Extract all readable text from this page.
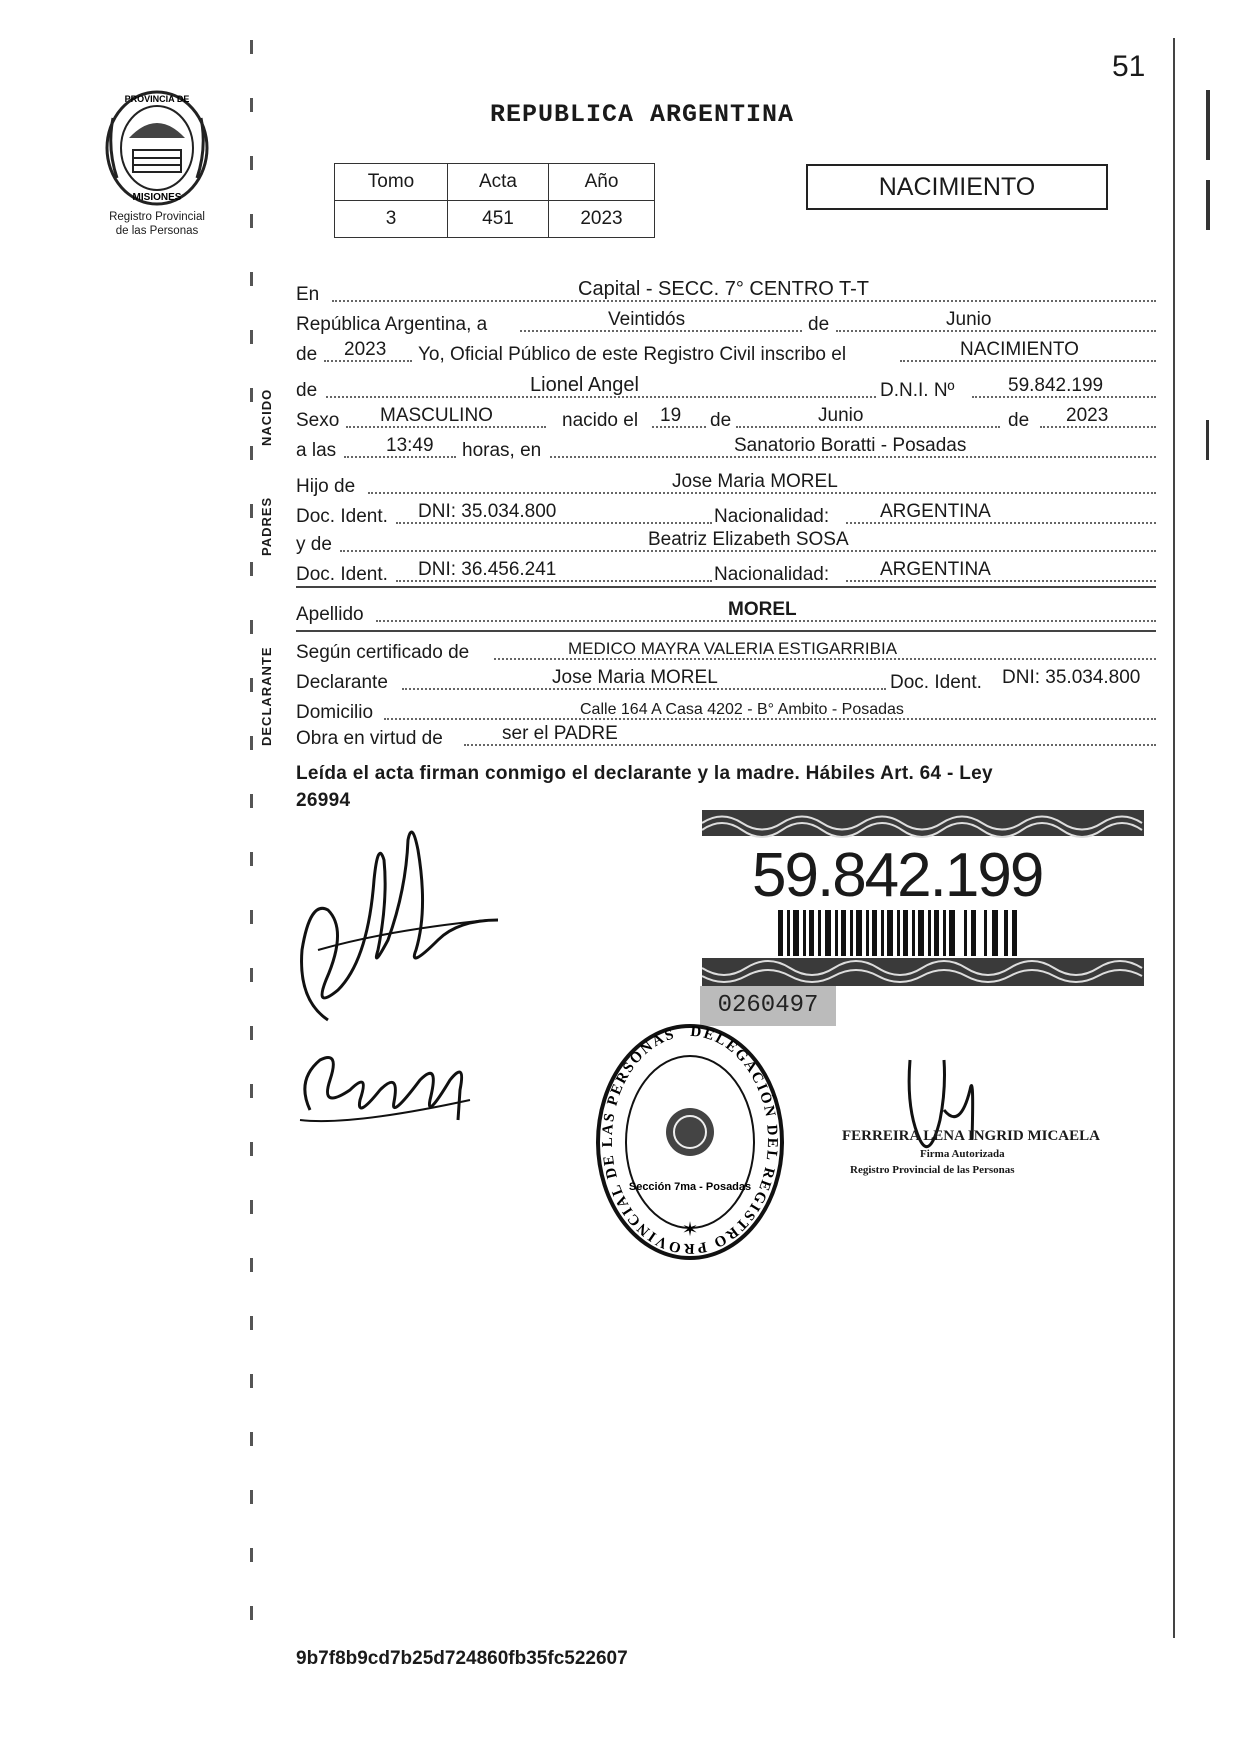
51
PROVINCIA DE
MISIONES
Registro Provincial
de las Personas
REPUBLICA ARGENTINA
Tomo	Acta	Año
3	451	2023
NACIMIENTO
NACIDO
PADRES
DECLARANTE
En	Capital - SECC. 7° CENTRO T-T
República Argentina, a	Veintidós	de	Junio
de 2023 Yo, Oficial Público de este Registro Civil inscribo el	NACIMIENTO
de	Lionel Angel	D.N.I. Nº	59.842.199
Sexo MASCULINO	nacido el 19 de	Junio	de 2023
a las	13:49 horas, en	Sanatorio Boratti - Posadas
Hijo de	Jose Maria MOREL
Doc. Ident. DNI: 35.034.800	Nacionalidad:	ARGENTINA
y de	Beatriz Elizabeth SOSA
Doc. Ident. DNI: 36.456.241	Nacionalidad:	ARGENTINA
Apellido	MOREL
Según certificado de	MEDICO MAYRA VALERIA ESTIGARRIBIA
Declarante	Jose Maria MOREL	Doc. Ident. DNI: 35.034.800
Domicilio	Calle 164 A Casa 4202 - B° Ambito - Posadas
Obra en virtud de	ser el PADRE
Leída el acta firman conmigo el declarante y la madre. Hábiles Art. 64 - Ley
26994
59.842.199
0260497
DELEGACIÓN DEL REGISTRO PROVINCIAL DE LAS PERSONAS
Sección 7ma - Posadas
✶
FERREIRA LENA INGRID MICAELA
Firma Autorizada
Registro Provincial de las Personas
9b7f8b9cd7b25d724860fb35fc522607
